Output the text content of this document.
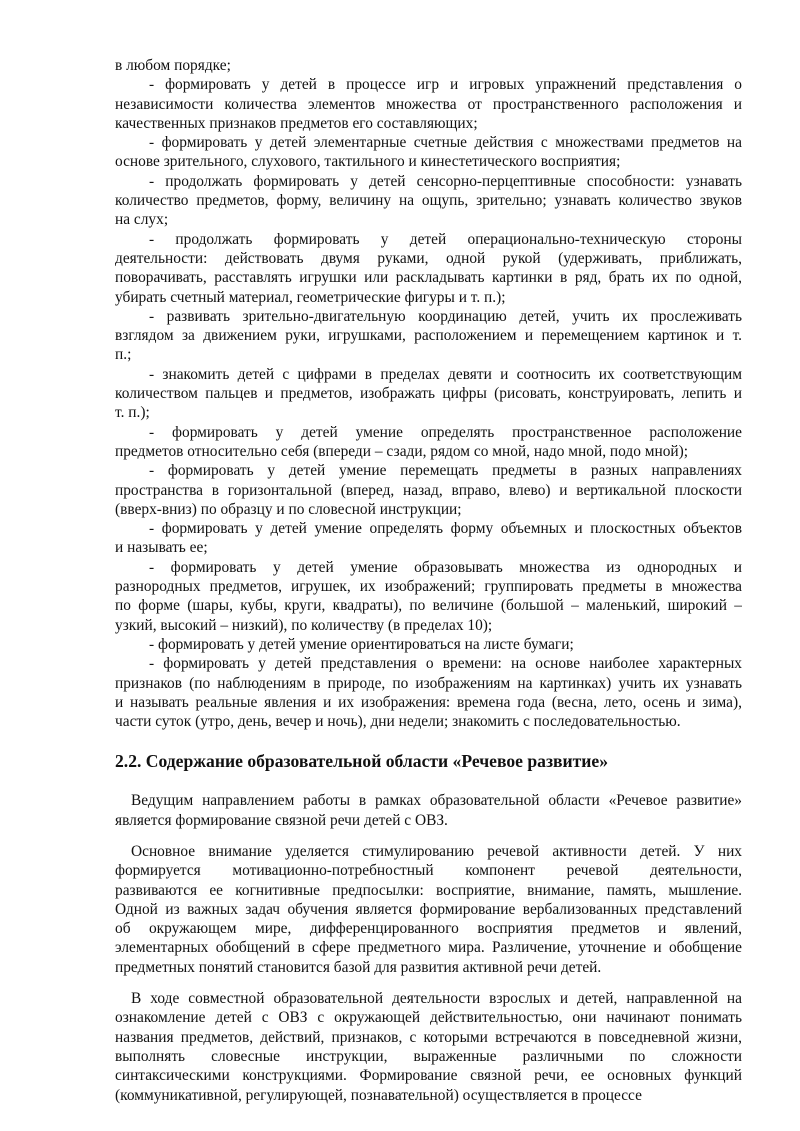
в любом порядке;
- формировать у детей в процессе игр и игровых упражнений представления о
независимости количества элементов множества от пространственного расположения и
качественных признаков предметов его составляющих;
- формировать у детей элементарные счетные действия с множествами предметов на
основе зрительного, слухового, тактильного и кинестетического восприятия;
- продолжать формировать у детей сенсорно-перцептивные способности: узнавать
количество предметов, форму, величину на ощупь, зрительно; узнавать количество звуков
на слух;
- продолжать формировать у детей операционально-техническую стороны
деятельности: действовать двумя руками, одной рукой (удерживать, приближать,
поворачивать, расставлять игрушки или раскладывать картинки в ряд, брать их по одной,
убирать счетный материал, геометрические фигуры и т. п.);
- развивать зрительно-двигательную координацию детей, учить их прослеживать
взглядом за движением руки, игрушками, расположением и перемещением картинок и т.
п.;
- знакомить детей с цифрами в пределах девяти и соотносить их соответствующим
количеством пальцев и предметов, изображать цифры (рисовать, конструировать, лепить и
т. п.);
- формировать у детей умение определять пространственное расположение
предметов относительно себя (впереди – сзади, рядом со мной, надо мной, подо мной);
- формировать у детей умение перемещать предметы в разных направлениях
пространства в горизонтальной (вперед, назад, вправо, влево) и вертикальной плоскости
(вверх-вниз) по образцу и по словесной инструкции;
- формировать у детей умение определять форму объемных и плоскостных объектов
и называть ее;
- формировать у детей умение образовывать множества из однородных и
разнородных предметов, игрушек, их изображений; группировать предметы в множества
по форме (шары, кубы, круги, квадраты), по величине (большой – маленький, широкий –
узкий, высокий – низкий), по количеству (в пределах 10);
- формировать у детей умение ориентироваться на листе бумаги;
- формировать у детей представления о времени: на основе наиболее характерных
признаков (по наблюдениям в природе, по изображениям на картинках) учить их узнавать
и называть реальные явления и их изображения: времена года (весна, лето, осень и зима),
части суток (утро, день, вечер и ночь), дни недели; знакомить с последовательностью.
2.2. Содержание образовательной области «Речевое развитие»
Ведущим направлением работы в рамках образовательной области «Речевое развитие»
является формирование связной речи детей с ОВЗ.
Основное внимание уделяется стимулированию речевой активности детей. У них
формируется мотивационно-потребностный компонент речевой деятельности,
развиваются ее когнитивные предпосылки: восприятие, внимание, память, мышление.
Одной из важных задач обучения является формирование вербализованных представлений
об окружающем мире, дифференцированного восприятия предметов и явлений,
элементарных обобщений в сфере предметного мира. Различение, уточнение и обобщение
предметных понятий становится базой для развития активной речи детей.
В ходе совместной образовательной деятельности взрослых и детей, направленной на
ознакомление детей с ОВЗ с окружающей действительностью, они начинают понимать
названия предметов, действий, признаков, с которыми встречаются в повседневной жизни,
выполнять словесные инструкции, выраженные различными по сложности
синтаксическими конструкциями. Формирование связной речи, ее основных функций
(коммуникативной, регулирующей, познавательной) осуществляется в процессе
